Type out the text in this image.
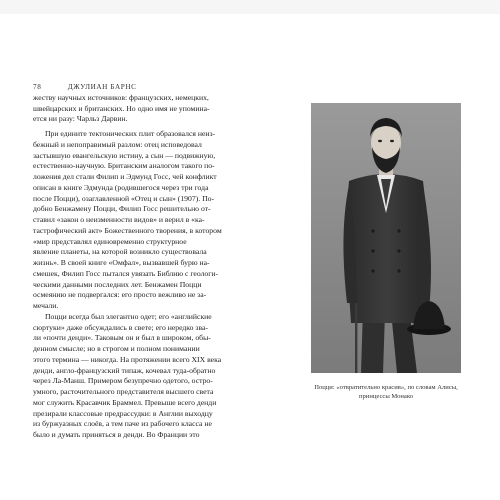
78	ДЖУЛИАН БАРНС
жеству научных источников: французских, немецких,
швейцарских и британских. Но одно имя не упомина-
ется ни разу: Чарльз Дарвин.
При едините тектонических плит образовался неиз-
бежный и непоправимый разлом: отец исповедовал
застывшую евангельскую истину, а сын — подвижную,
естественно-научную. Британским аналогом такого по-
ложения дел стали Филип и Эдмунд Госс, чей конфликт
описан в книге Эдмунда (родившегося через три года
после Поцци), озаглавленной «Отец и сын» (1907). По-
добно Бенжамену Поцци, Филип Госс решительно от-
ставил «закон о неизменности видов» и верил в «ка-
тастрофический акт» Божественного творения, в котором
«мир представлял единовременно структурное
явление планеты, на которой возникло существовала
жизнь». В своей книге «Омфал», вызвавшей бурю на-
смешек, Филип Госс пытался увязать Библию с геологи-
ческими данными последних лет. Бенжамен Поцци
осмеянию не подвергался: его просто вежливо не за-
мечали.
Поцци всегда был элегантно одет; его «английские
сюртуки» даже обсуждались в свете; его нередко зва-
ли «почти денди». Таковым он и был в широком, обы-
денном смысле; но в строгом и полном понимании
этого термина — никогда. На протяжении всего XIX века
денди, англо-французский типаж, кочевал туда-обратно
через Ла-Манш. Примером безупречно одетого, остро-
умного, расточительного представителя высшего света
мог служить Красавчик Браммел. Превыше всего денди
презирали классовые предрассудки: в Англии выходцу
из буржуазных слоёв, а тем паче из рабочего класса не
было и думать приняться в денди. Во Франции это
Поцци: «отвратительно красив», по словам Алисы,
принцессы Монако
